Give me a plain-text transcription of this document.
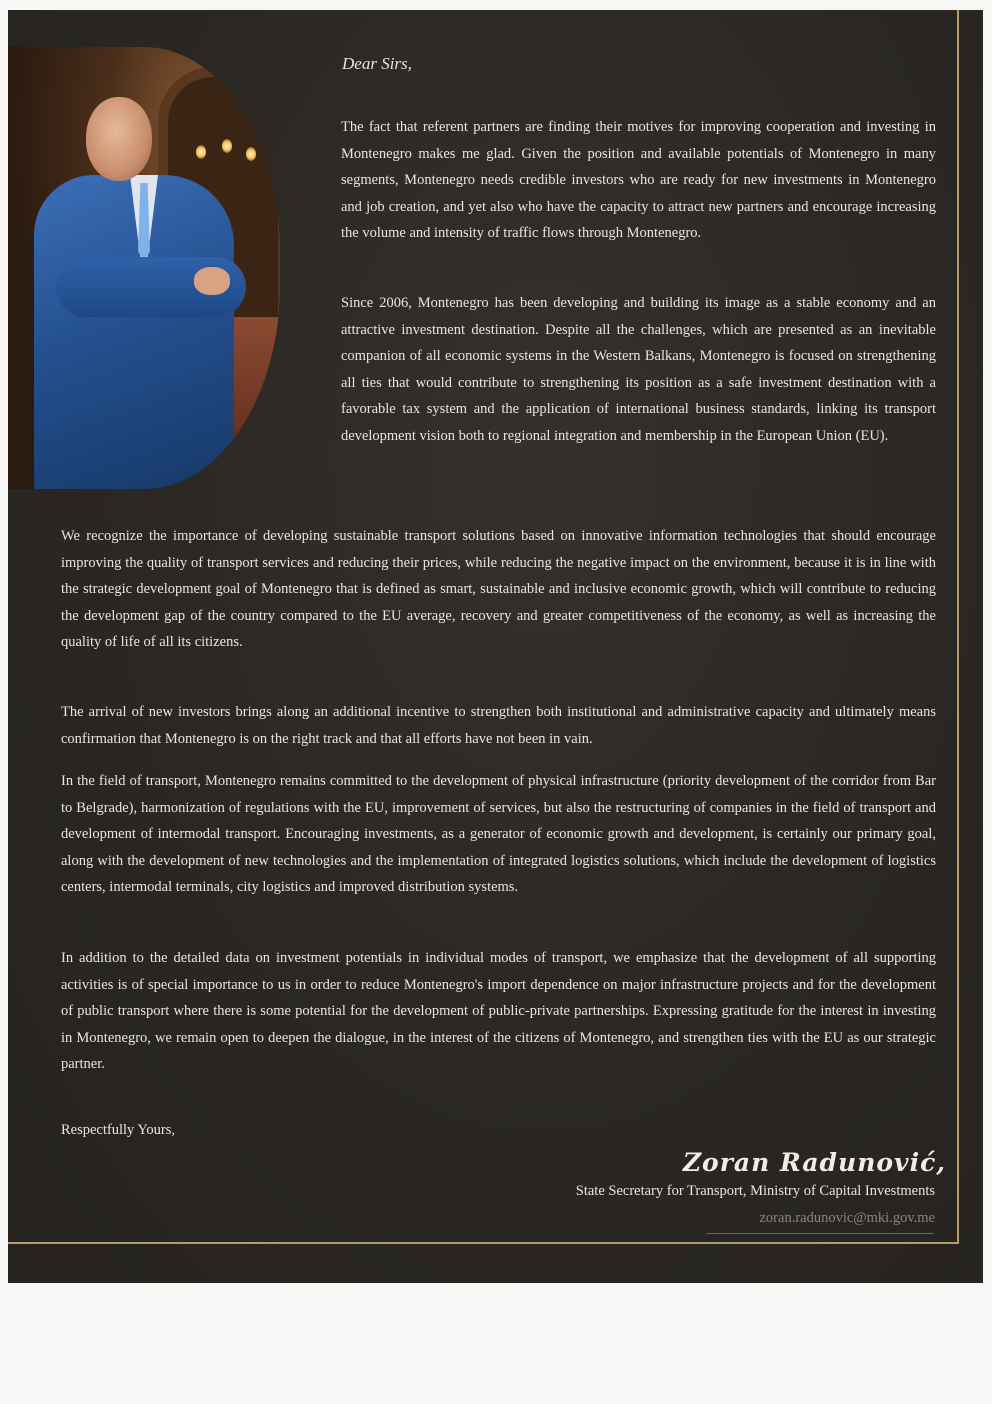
Dear Sirs,

The fact that referent partners are finding their motives for improving cooperation and investing in Montenegro makes me glad. Given the position and available potentials of Montenegro in many segments, Montenegro needs credible investors who are ready for new investments in Montenegro and job creation, and yet also who have the capacity to attract new partners and encourage increasing the volume and intensity of traffic flows through Montenegro.

Since 2006, Montenegro has been developing and building its image as a stable economy and an attractive investment destination. Despite all the challenges, which are presented as an inevitable companion of all economic systems in the Western Balkans, Montenegro is focused on strengthening all ties that would contribute to strengthening its position as a safe investment destination with a favorable tax system and the application of international business standards, linking its transport development vision both to regional integration and membership in the European Union (EU).

We recognize the importance of developing sustainable transport solutions based on innovative information technologies that should encourage improving the quality of transport services and reducing their prices, while reducing the negative impact on the environment, because it is in line with the strategic development goal of Montenegro that is defined as smart, sustainable and inclusive economic growth, which will contribute to reducing the development gap of the country compared to the EU average, recovery and greater competitiveness of the economy, as well as increasing the quality of life of all its citizens.

The arrival of new investors brings along an additional incentive to strengthen both institutional and administrative capacity and ultimately means confirmation that Montenegro is on the right track and that all efforts have not been in vain.

In the field of transport, Montenegro remains committed to the development of physical infrastructure (priority development of the corridor from Bar to Belgrade), harmonization of regulations with the EU, improvement of services, but also the restructuring of companies in the field of transport and development of intermodal transport. Encouraging investments, as a generator of economic growth and development, is certainly our primary goal, along with the development of new technologies and the implementation of integrated logistics solutions, which include the development of logistics centers, intermodal terminals, city logistics and improved distribution systems.

In addition to the detailed data on investment potentials in individual modes of transport, we emphasize that the development of all supporting activities is of special importance to us in order to reduce Montenegro's import dependence on major infrastructure projects and for the development of public transport where there is some potential for the development of public-private partnerships. Expressing gratitude for the interest in investing in Montenegro, we remain open to deepen the dialogue, in the interest of the citizens of Montenegro, and strengthen ties with the EU as our strategic partner.

Respectfully Yours,

Zoran Radunović,

State Secretary for Transport, Ministry of Capital Investments

zoran.radunovic@mki.gov.me
